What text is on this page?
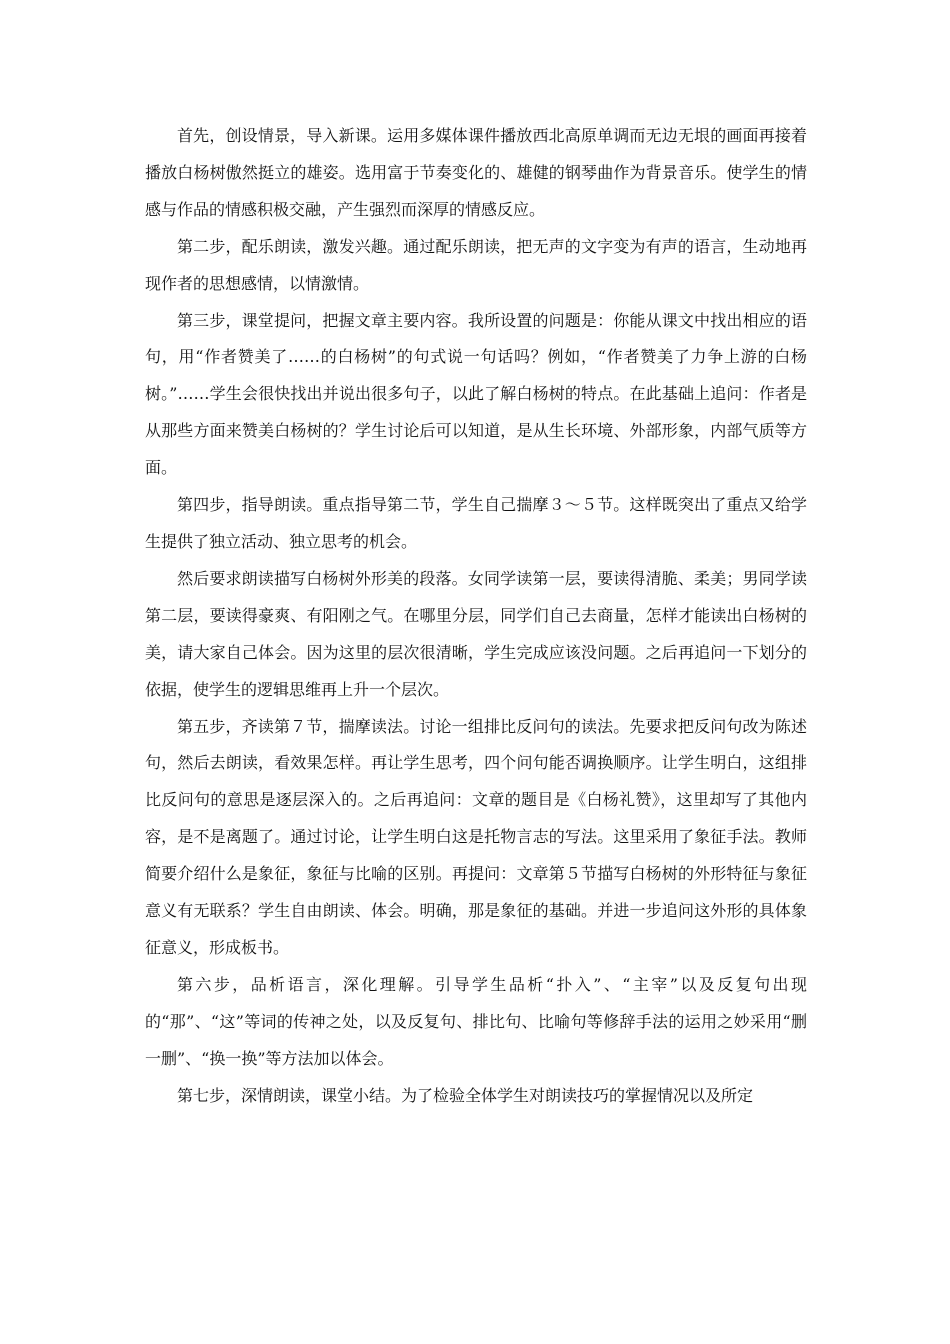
首先，创设情景，导入新课。运用多媒体课件播放西北高原单调而无边无垠的画面再接着播放白杨树傲然挺立的雄姿。选用富于节奏变化的、雄健的钢琴曲作为背景音乐。使学生的情感与作品的情感积极交融，产生强烈而深厚的情感反应。

第二步，配乐朗读，激发兴趣。通过配乐朗读，把无声的文字变为有声的语言，生动地再现作者的思想感情，以情激情。

第三步，课堂提问，把握文章主要内容。我所设置的问题是：你能从课文中找出相应的语句，用“作者赞美了……的白杨树”的句式说一句话吗？例如，“作者赞美了力争上游的白杨树。”……学生会很快找出并说出很多句子，以此了解白杨树的特点。在此基础上追问：作者是从那些方面来赞美白杨树的？学生讨论后可以知道，是从生长环境、外部形象，内部气质等方面。

第四步，指导朗读。重点指导第二节，学生自己揣摩３～５节。这样既突出了重点又给学生提供了独立活动、独立思考的机会。

然后要求朗读描写白杨树外形美的段落。女同学读第一层，要读得清脆、柔美；男同学读第二层，要读得豪爽、有阳刚之气。在哪里分层，同学们自己去商量，怎样才能读出白杨树的美，请大家自己体会。因为这里的层次很清晰，学生完成应该没问题。之后再追问一下划分的依据，使学生的逻辑思维再上升一个层次。

第五步，齐读第７节，揣摩读法。讨论一组排比反问句的读法。先要求把反问句改为陈述句，然后去朗读，看效果怎样。再让学生思考，四个问句能否调换顺序。让学生明白，这组排比反问句的意思是逐层深入的。之后再追问：文章的题目是《白杨礼赞》，这里却写了其他内容，是不是离题了。通过讨论，让学生明白这是托物言志的写法。这里采用了象征手法。教师简要介绍什么是象征，象征与比喻的区别。再提问：文章第５节描写白杨树的外形特征与象征意义有无联系？学生自由朗读、体会。明确，那是象征的基础。并进一步追问这外形的具体象征意义，形成板书。

第六步，品析语言，深化理解。引导学生品析“扑入”、“主宰”以及反复句出现的“那”、“这”等词的传神之处，以及反复句、排比句、比喻句等修辞手法的运用之妙采用“删一删”、“换一换”等方法加以体会。

第七步，深情朗读，课堂小结。为了检验全体学生对朗读技巧的掌握情况以及所定
